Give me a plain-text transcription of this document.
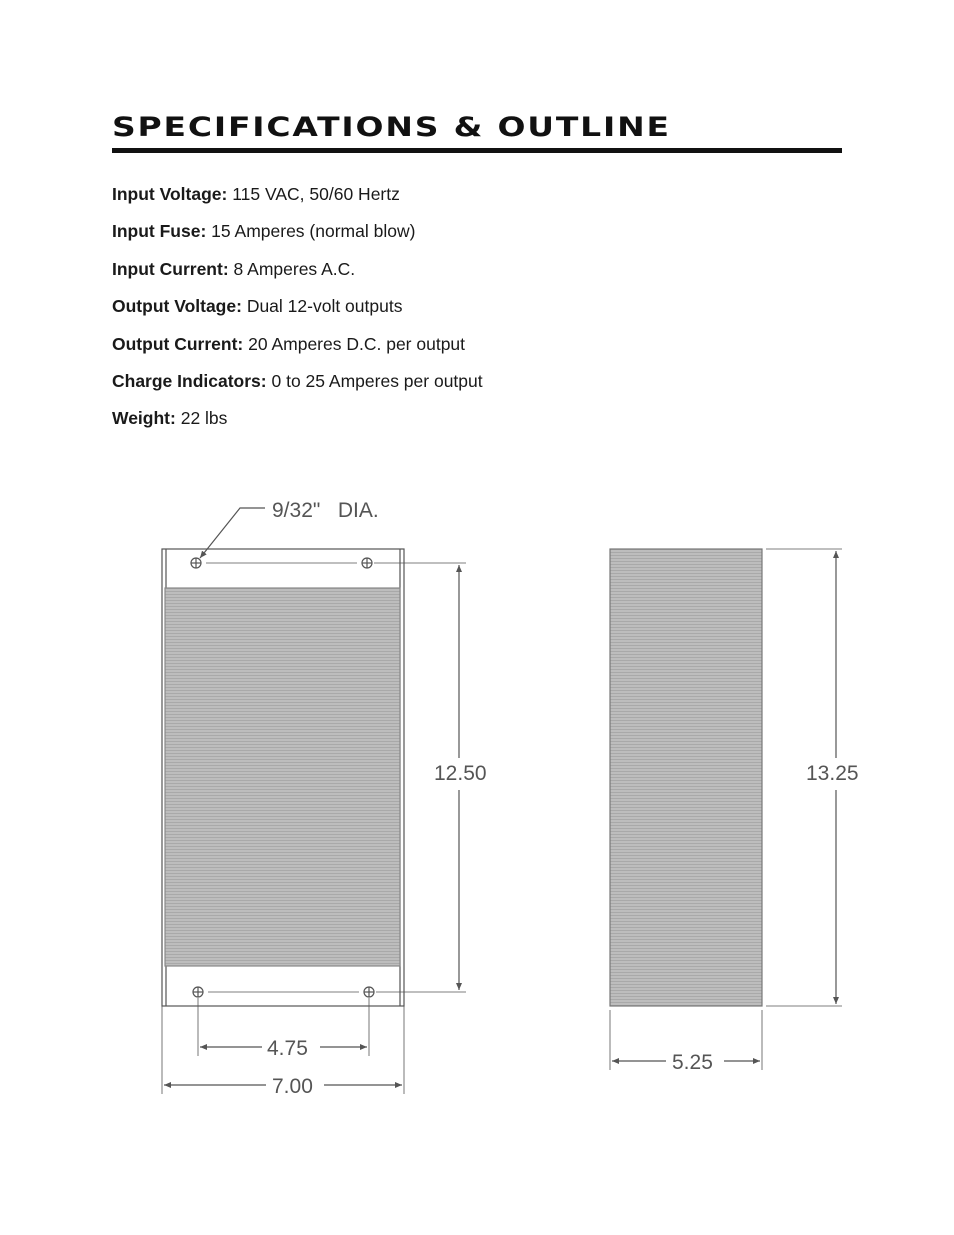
SPECIFICATIONS & OUTLINE
Input Voltage: 115 VAC, 50/60 Hertz
Input Fuse: 15 Amperes (normal blow)
Input Current: 8 Amperes A.C.
Output Voltage: Dual 12-volt outputs
Output Current: 20 Amperes D.C. per output
Charge Indicators: 0 to 25 Amperes per output
Weight: 22 lbs
9/32"   DIA.
12.50
4.75
7.00
13.25
5.25
